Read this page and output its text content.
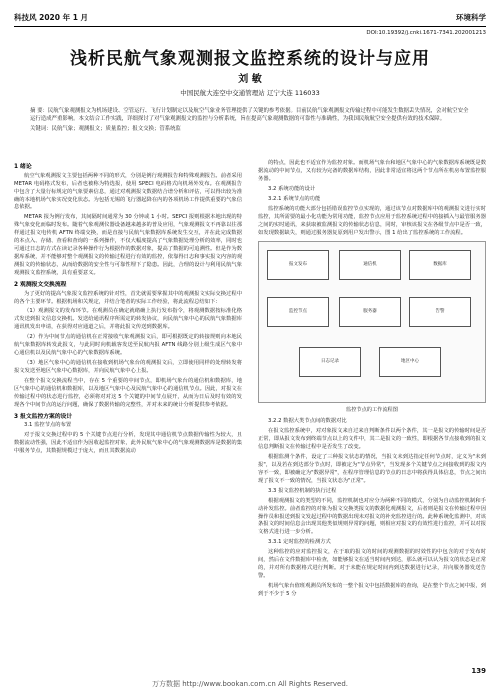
科技风 2020 年 1 月	环境科学
DOI:10.19392/j.cnki.1671-7341.202001213
浅析民航气象观测报文监控系统的设计与应用
刘 敏
中国民航大连空中交通管理站 辽宁大连 116033
摘 要：民航气象观测报文为机场建设、空管运行、飞行计划制定以及航空气象业务管理提供了关键的参考依据。目前民航气象观测报文传输过程中可能发生数据丢失情况，会对航空安全运行造成严重影响。本文结合工作实践，详细探讨了对气象观测报文的监控与分析系统，旨在提高气象观测数据的可靠性与准确性，为我国民航航空安全提供有效的技术保障。
关键词：民航气象；观测报文；质量监控；报文交换；管系统监
1 绪论

航空气象观测报文主要包括两种不同的形式，分别是例行观测报告和特殊观测报告。前者采用 METAR 电码格式发布，后者也被称为特选报，使用 SPECI 电码格式向机场外发布。在观测报告中包含了大量行标规定的气象要素信息，通过对观测报文数据结合谱分析和评估，可以得出较为准确的本地机场气象实况变化状态。为包括无锡的飞行器起降在内的各项机场工作提供重要的气象信息依据。

METAR 报为例行发布，其间隔时间通常为 30 分钟或 1 小时。SEPCI 报则根据本地出现的特殊气象变化而临时发布。随着气象观测仪器设备越来越多的普及应用，气象观测报文不再靠以往那样通过报文电传机 AFTN 终端交换，而是直接与民航气象数据库系统发生交互，并在此完成数据的本点入、存储、查看和查询的一系列操作，不仅大幅度提高了气象数据处理分析的效率，同时也可通过日志的方式在读记录各种操作行为根据作的数据对象，提高了数据的可追溯性。但是作为数据库系统，并不能够对整个观测报文的传输过程进行有效的监控，依靠得日志和事实报文内容的观测报文的传输状态，从而给数据的安全性与可靠性埋下了隐患。因此，合理的设计与利用民航气象观测报文监控系统，具有重要意义。

2 观测报文交换流程

为了更好的提高气象报文监控系统的针对性，首先就需要掌握其中的观测报文实际交换过程中的各个主要环节。根据机场和关规定，并结合笔者的实际工作经验，将此流程总结如下：

（1）观测报文的发布环节。在观测员在确定就绪确上执行发布指令，将观测数据按标准化格式发送到报文信息交换机。发送给通讯程序所需定的转发协议，向民航气象中心的民航气象数据库通讯机发出申请，在获得对应通道之后，并将此报文传送到数据库。

（2）作为中间节点的通信机在正常接收气象观测报文后，即可根据既定的转接规则向本地民航气象数据库转发此报文，与此同时向机载客发送至民航内报 AFTN 线路分别上级生成区气象中心通信机以及民航气象中心的气象数据库系统。

（3）地区气象中心的通信机在接收到机场气象台的观测报文后，立即使用同样的处理转发将报文发送至地区气象中心数据库，并向民航气象中心上报。

在整个报文交换流程当中，存在 5 个重要的中间节点，即机场气象台的通信机和数据库，地区气象中心的通信机和数据库，以及地区气象中心及民航气象中心的通信机节点。因此，对报文在传输过程中的状态进行监控，必须将对对这 5 个关键的中间节点展开，从而为日后及时有效的发现各个中间节点的运行问题，确保了数据传输的完整性，并对未来的统计分析提供参考依据。

3 报文监控方案的设计

3.1 监控节点的布置

对于报文交换过程中的 5 个关键节点进行分析，发现其中通信机节点数据传输性为较大，且数据流动性强，因此不适宜作为因收起监控对象，此外民航气象中心的气象观测数据库是数据的集中服务节点，其数据规模过于庞大，而且其数据流动

的特点，因此也不适宜作为监控对象。而机场气象台和地区气象中心的气象数据库系统既是数据流动的中间节点，又有较为完备的数据库结构，因此非常适宜将这两个节点所在机房布置监控服务器。

3.2 系统功能的设计

3.2.1 系统节点的功能

监控系统的功能大部分包括错误监控节点实现的，通过该节点对数据库中的观测报文进行实时监控，其所需要的最小化功能为常用功能，监控节点应用于监控系统过程中的接插入与最管服务器之间的实时通讯，来获取被监测报文的传输状态信息，同时，审核该报文在各级节点中是否一致，如发现数据缺失，则通过服务器复原到用户发出警示，图 1 给出了监控系统的工作流程。

报文发布	通信机	数据库
监控节点	服务器	告警
日志记录	地区中心
监控节点的工作流程图

3.2.2 数据大类节点间的数据对比

在报文监控系统中，对对象报文来自过来自判断条件以两个条件，其一是报文的传输时间是否正常，即从报文发布到终端节点以上的文件中，其二是报文的一致性，即根据各节点接收到的报文信息判断报文在传输过程中是否发生了改变。

根据监测个条件，设定了三种报文状态的情况，当报文未到达指定任何节点时，定义为"未到报"，以及若在到达部分节点时，即被定为"节点异常"，当发现多个关键节点之间接收到的报文内容不一致，即被确定为"数据异常"，在程序管理信息的节点的日志中将获得具体信息，节点之间出现了报文不一致的情况，当报文状态为"正常"。

3.3 报文监控机制的执行过程

根据观测报文的类型的不同，监控机制也对应分为两种不同的模式，分别为自动监控机制和手动补发监控。前者监控的对象为报文交换类报文的数据化观测报文，后者则是报文在传输过程中因操作员和报送到报文发起过程中的数据出现未对报文的补充监控进行的。此种系统化监测中，对该条报文的时间信息会出现其他类似规则异常的问题，则相应对报文的有效性进行监控，并可以对报文格式进行进一步分析。

3.3.1 定时监控的检测方式

这种监控的应对监控报文，在于取的报文的时间的观测数据的时效性的中包含的对于发布时间，然后在文件数据库中检查，如能够报文在适当时间内到达，那么就可以认为报文的状态是正常的，并对所有数据格式进行判断。对于未能在规定时间内到达数据进行记录，并向服务器发送告警。

机场气象台值班观测员所发布的一整个报文中包括数据库的查询，是在整个节点之间中报，到到于不少于 5 分

139
万方数据 http://www.bookan.com.cn All Rights Reserved.
